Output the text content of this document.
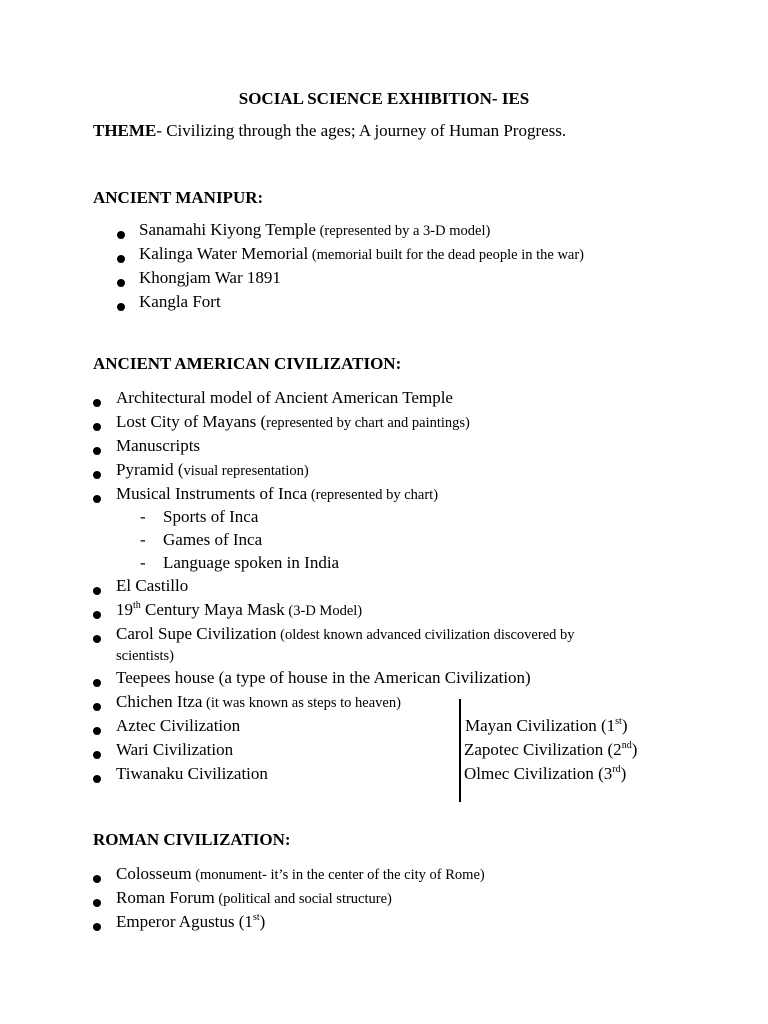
SOCIAL SCIENCE EXHIBITION- IES
THEME- Civilizing through the ages; A journey of Human Progress.
ANCIENT MANIPUR:
Sanamahi Kiyong Temple (represented by a 3-D model)
Kalinga Water Memorial (memorial built for the dead people in the war)
Khongjam War 1891
Kangla Fort
ANCIENT AMERICAN CIVILIZATION:
Architectural model of Ancient American Temple
Lost City of Mayans (represented by chart and paintings)
Manuscripts
Pyramid (visual representation)
Musical Instruments of Inca (represented by chart)
- Sports of Inca
- Games of Inca
- Language spoken in India
El Castillo
19th Century Maya Mask (3-D Model)
Carol Supe Civilization (oldest known advanced civilization discovered by
scientists)
Teepees house (a type of house in the American Civilization)
Chichen Itza (it was known as steps to heaven)
Aztec Civilization
Wari Civilization
Tiwanaku Civilization
Mayan Civilization (1st)
Zapotec Civilization (2nd)
Olmec Civilization (3rd)
ROMAN CIVILIZATION:
Colosseum (monument- it’s in the center of the city of Rome)
Roman Forum (political and social structure)
Emperor Agustus (1st)
